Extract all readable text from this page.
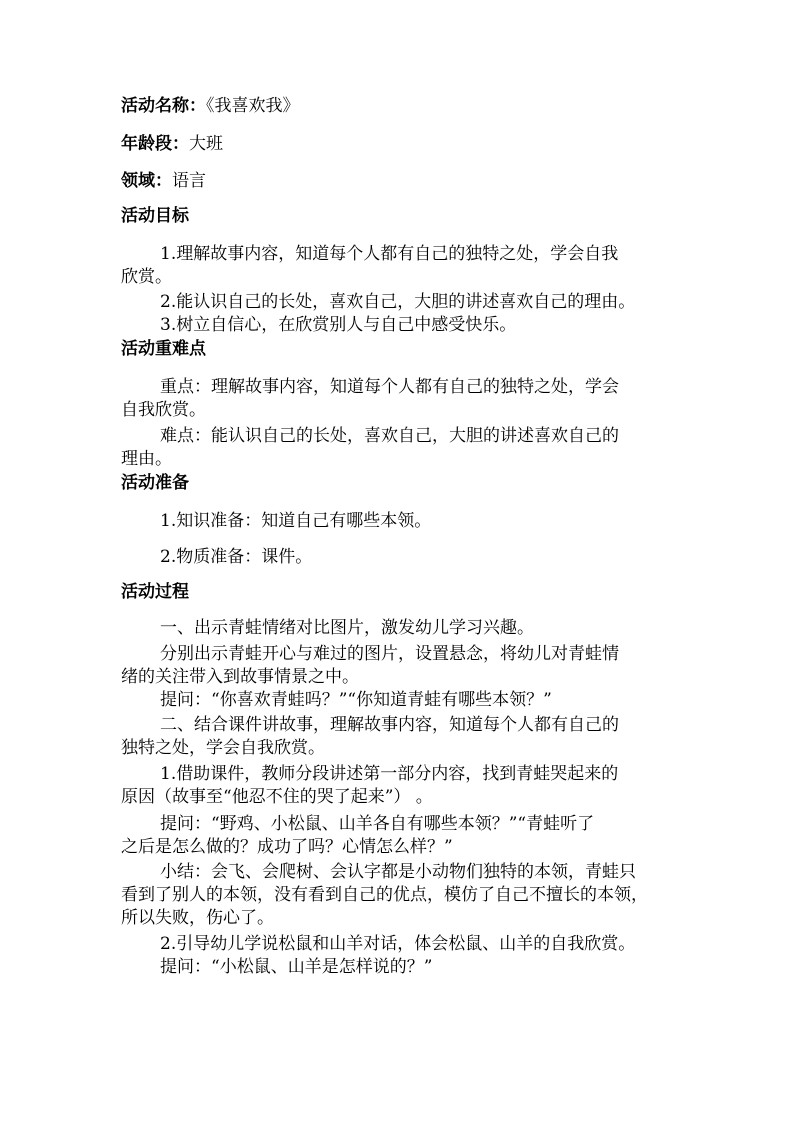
活动名称：《我喜欢我》
年龄段：大班
领域：语言
活动目标
1.理解故事内容，知道每个人都有自己的独特之处，学会自我
欣赏。
2.能认识自己的长处，喜欢自己，大胆的讲述喜欢自己的理由。
3.树立自信心，在欣赏别人与自己中感受快乐。
活动重难点
重点：理解故事内容，知道每个人都有自己的独特之处，学会
自我欣赏。
难点：能认识自己的长处，喜欢自己，大胆的讲述喜欢自己的
理由。
活动准备
1.知识准备：知道自己有哪些本领。
2.物质准备：课件。
活动过程
一、出示青蛙情绪对比图片，激发幼儿学习兴趣。
分别出示青蛙开心与难过的图片，设置悬念，将幼儿对青蛙情
绪的关注带入到故事情景之中。
提问：“你喜欢青蛙吗？”“你知道青蛙有哪些本领？”
二、结合课件讲故事，理解故事内容，知道每个人都有自己的
独特之处，学会自我欣赏。
1.借助课件，教师分段讲述第一部分内容，找到青蛙哭起来的
原因（故事至“他忍不住的哭了起来”） 。
提问：“野鸡、小松鼠、山羊各自有哪些本领？”“青蛙听了
之后是怎么做的？成功了吗？心情怎么样？”
小结：会飞、会爬树、会认字都是小动物们独特的本领，青蛙只
看到了别人的本领，没有看到自己的优点，模仿了自己不擅长的本领，
所以失败，伤心了。
2.引导幼儿学说松鼠和山羊对话，体会松鼠、山羊的自我欣赏。
提问：“小松鼠、山羊是怎样说的？”
